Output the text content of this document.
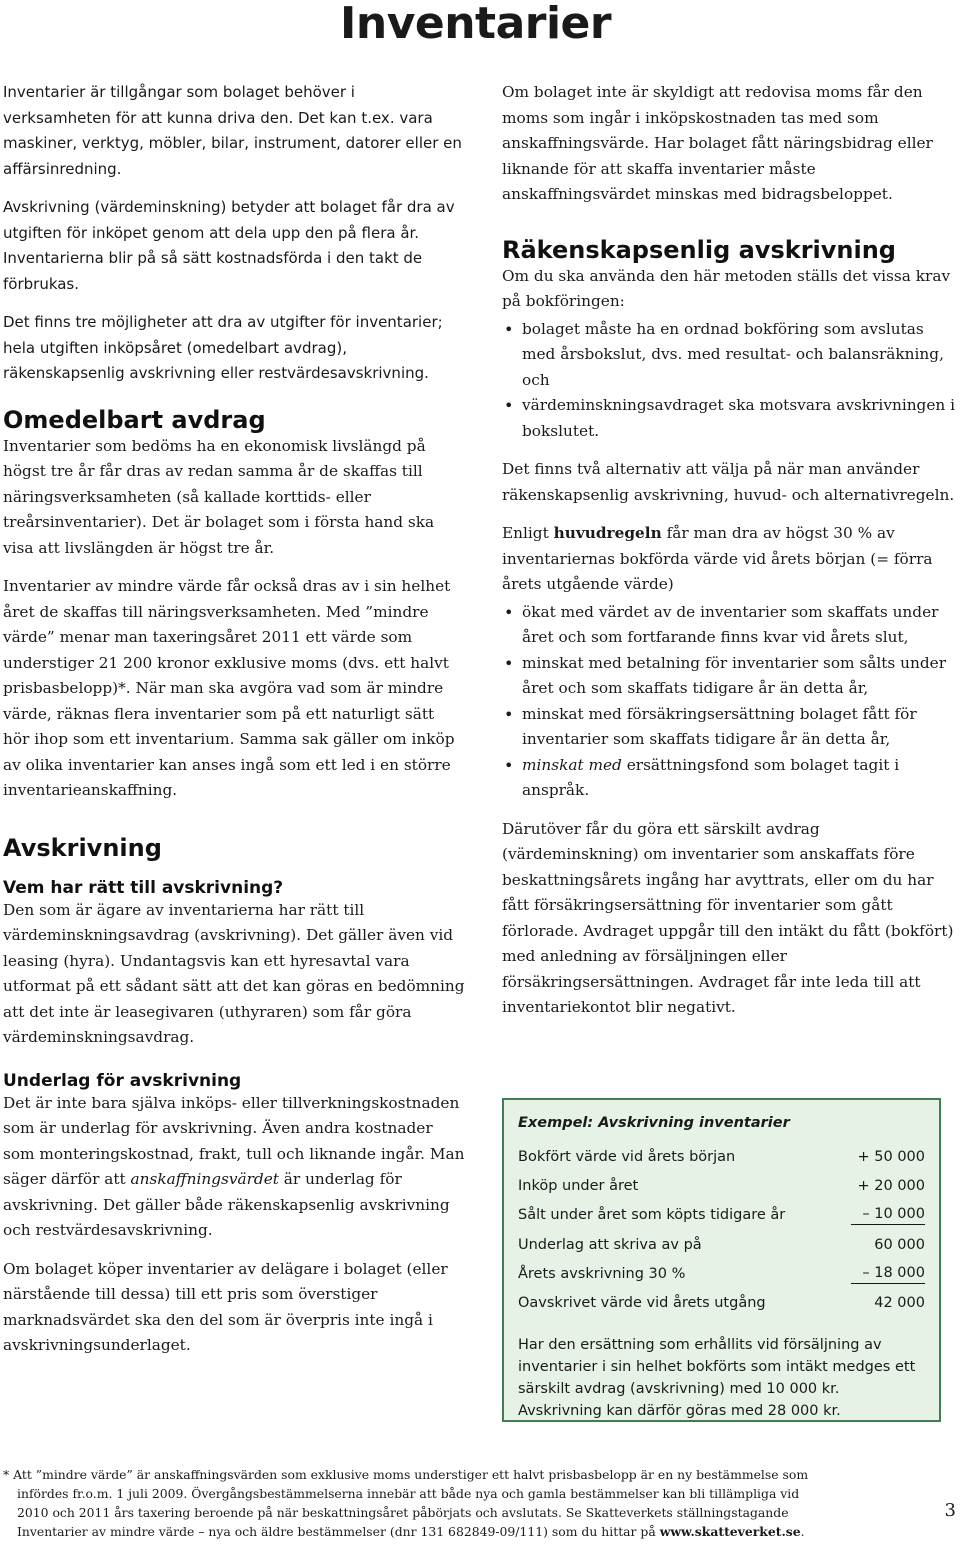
Inventarier

Inventarier är tillgångar som bolaget behöver i verksamheten för att kunna driva den. Det kan t.ex. vara maskiner, verktyg, möbler, bilar, instrument, datorer eller en affärsinredning.

Avskrivning (värdeminskning) betyder att bolaget får dra av utgiften för inköpet genom att dela upp den på flera år. Inventarierna blir på så sätt kostnadsförda i den takt de förbrukas.

Det finns tre möjligheter att dra av utgifter för inventarier; hela utgiften inköpsåret (omedelbart avdrag), räkenskapsenlig avskrivning eller restvärdesavskrivning.

Omedelbart avdrag

Inventarier som bedöms ha en ekonomisk livslängd på högst tre år får dras av redan samma år de skaffas till näringsverksamheten (så kallade korttids- eller treårsinventarier). Det är bolaget som i första hand ska visa att livslängden är högst tre år.

Inventarier av mindre värde får också dras av i sin helhet året de skaffas till näringsverksamheten. Med ”mindre värde” menar man taxeringsåret 2011 ett värde som understiger 21 200 kronor exklusive moms (dvs. ett halvt prisbasbelopp)*. När man ska avgöra vad som är mindre värde, räknas flera inventarier som på ett naturligt sätt hör ihop som ett inventarium. Samma sak gäller om inköp av olika inventarier kan anses ingå som ett led i en större inventarieanskaffning.

Avskrivning
Vem har rätt till avskrivning?

Den som är ägare av inventarierna har rätt till värdeminskningsavdrag (avskrivning). Det gäller även vid leasing (hyra). Undantagsvis kan ett hyresavtal vara utformat på ett sådant sätt att det kan göras en bedömning att det inte är leasegivaren (uthyraren) som får göra värdeminskningsavdrag.

Underlag för avskrivning

Det är inte bara själva inköps- eller tillverkningskostnaden som är underlag för avskrivning. Även andra kostnader som monteringskostnad, frakt, tull och liknande ingår. Man säger därför att anskaffningsvärdet är underlag för avskrivning. Det gäller både räkenskapsenlig avskrivning och restvärdesavskrivning.

Om bolaget köper inventarier av delägare i bolaget (eller närstående till dessa) till ett pris som överstiger marknadsvärdet ska den del som är överpris inte ingå i avskrivningsunderlaget.

Om bolaget inte är skyldigt att redovisa moms får den moms som ingår i inköpskostnaden tas med som anskaffningsvärde. Har bolaget fått näringsbidrag eller liknande för att skaffa inventarier måste anskaffningsvärdet minskas med bidragsbeloppet.

Räkenskapsenlig avskrivning

Om du ska använda den här metoden ställs det vissa krav på bokföringen:

• bolaget måste ha en ordnad bokföring som avslutas med årsbokslut, dvs. med resultat- och balansräkning, och
• värdeminskningsavdraget ska motsvara avskrivningen i bokslutet.

Det finns två alternativ att välja på när man använder räkenskapsenlig avskrivning, huvud- och alternativregeln.

Enligt huvudregeln får man dra av högst 30 % av inventariernas bokförda värde vid årets början (= förra årets utgående värde)

• ökat med värdet av de inventarier som skaffats under året och som fortfarande finns kvar vid årets slut,
• minskat med betalning för inventarier som sålts under året och som skaffats tidigare år än detta år,
• minskat med försäkringsersättning bolaget fått för inventarier som skaffats tidigare år än detta år,
• minskat med ersättningsfond som bolaget tagit i anspråk.

Därutöver får du göra ett särskilt avdrag (värdeminskning) om inventarier som anskaffats före beskattningsårets ingång har avyttrats, eller om du har fått försäkringsersättning för inventarier som gått förlorade. Avdraget uppgår till den intäkt du fått (bokfört) med anledning av försäljningen eller försäkringsersättningen. Avdraget får inte leda till att inventariekontot blir negativt.

Exempel: Avskrivning inventarier
Bokfört värde vid årets början	+ 50 000
Inköp under året	+ 20 000
Sålt under året som köpts tidigare år	– 10 000
Underlag att skriva av på	60 000
Årets avskrivning 30 %	– 18 000
Oavskrivet värde vid årets utgång	42 000
Har den ersättning som erhållits vid försäljning av inventarier i sin helhet bokförts som intäkt medges ett särskilt avdrag (avskrivning) med 10 000 kr. Avskrivning kan därför göras med 28 000 kr.
* Att ”mindre värde” är anskaffningsvärden som exklusive moms understiger ett halvt prisbasbelopp är en ny bestämmelse som
infördes fr.o.m. 1 juli 2009. Övergångsbestämmelserna innebär att både nya och gamla bestämmelser kan bli tillämpliga vid
2010 och 2011 års taxering beroende på när beskattningsåret påbörjats och avslutats. Se Skatteverkets ställningstagande
Inventarier av mindre värde – nya och äldre bestämmelser (dnr 131 682849-09/111) som du hittar på www.skatteverket.se.
3
